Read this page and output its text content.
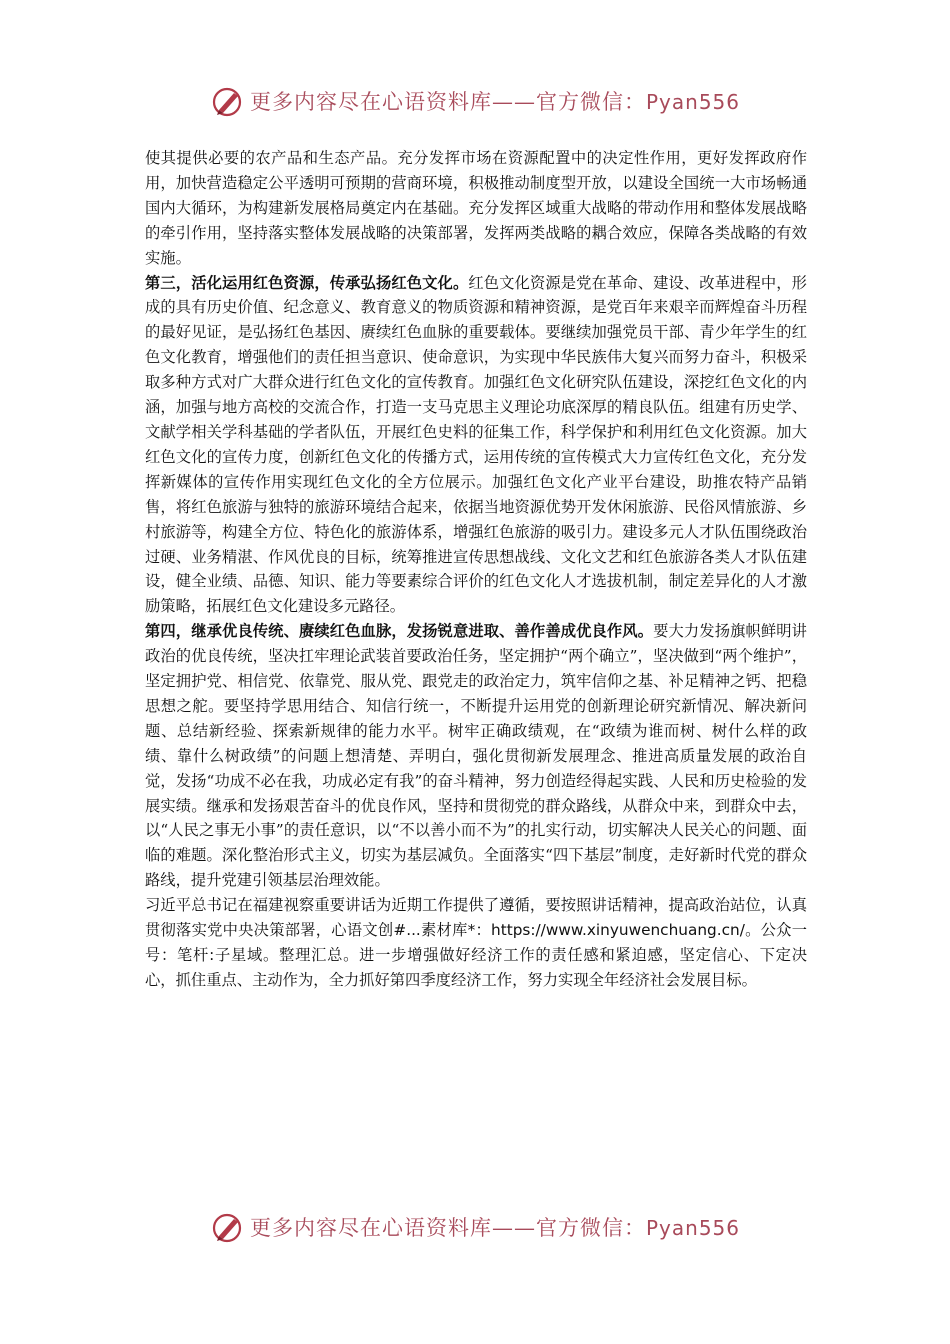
更多内容尽在心语资料库——官方微信：Pyan556

使其提供必要的农产品和生态产品。充分发挥市场在资源配置中的决定性作用，更好发挥政府作用，加快营造稳定公平透明可预期的营商环境，积极推动制度型开放，以建设全国统一大市场畅通国内大循环，为构建新发展格局奠定内在基础。充分发挥区域重大战略的带动作用和整体发展战略的牵引作用，坚持落实整体发展战略的决策部署，发挥两类战略的耦合效应，保障各类战略的有效实施。

第三，活化运用红色资源，传承弘扬红色文化。红色文化资源是党在革命、建设、改革进程中，形成的具有历史价值、纪念意义、教育意义的物质资源和精神资源，是党百年来艰辛而辉煌奋斗历程的最好见证，是弘扬红色基因、赓续红色血脉的重要载体。要继续加强党员干部、青少年学生的红色文化教育，增强他们的责任担当意识、使命意识，为实现中华民族伟大复兴而努力奋斗，积极采取多种方式对广大群众进行红色文化的宣传教育。加强红色文化研究队伍建设，深挖红色文化的内涵，加强与地方高校的交流合作，打造一支马克思主义理论功底深厚的精良队伍。组建有历史学、文献学相关学科基础的学者队伍，开展红色史料的征集工作，科学保护和利用红色文化资源。加大红色文化的宣传力度，创新红色文化的传播方式，运用传统的宣传模式大力宣传红色文化，充分发挥新媒体的宣传作用实现红色文化的全方位展示。加强红色文化产业平台建设，助推农特产品销售，将红色旅游与独特的旅游环境结合起来，依据当地资源优势开发休闲旅游、民俗风情旅游、乡村旅游等，构建全方位、特色化的旅游体系，增强红色旅游的吸引力。建设多元人才队伍围绕政治过硬、业务精湛、作风优良的目标，统筹推进宣传思想战线、文化文艺和红色旅游各类人才队伍建设，健全业绩、品德、知识、能力等要素综合评价的红色文化人才选拔机制，制定差异化的人才激励策略，拓展红色文化建设多元路径。

第四，继承优良传统、赓续红色血脉，发扬锐意进取、善作善成优良作风。要大力发扬旗帜鲜明讲政治的优良传统，坚决扛牢理论武装首要政治任务，坚定拥护“两个确立”，坚决做到“两个维护”，坚定拥护党、相信党、依靠党、服从党、跟党走的政治定力，筑牢信仰之基、补足精神之钙、把稳思想之舵。要坚持学思用结合、知信行统一，不断提升运用党的创新理论研究新情况、解决新问题、总结新经验、探索新规律的能力水平。树牢正确政绩观，在“政绩为谁而树、树什么样的政绩、靠什么树政绩”的问题上想清楚、弄明白，强化贯彻新发展理念、推进高质量发展的政治自觉，发扬“功成不必在我，功成必定有我”的奋斗精神，努力创造经得起实践、人民和历史检验的发展实绩。继承和发扬艰苦奋斗的优良作风，坚持和贯彻党的群众路线，从群众中来，到群众中去，以“人民之事无小事”的责任意识，以“不以善小而不为”的扎实行动，切实解决人民关心的问题、面临的难题。深化整治形式主义，切实为基层减负。全面落实“四下基层”制度，走好新时代党的群众路线，提升党建引领基层治理效能。

习近平总书记在福建视察重要讲话为近期工作提供了遵循，要按照讲话精神，提高政治站位，认真贯彻落实党中央决策部署，心语文创#...素材库*：https://www.xinyuwenchuang.cn/。公众一号：笔杆:子星域。整理汇总。进一步增强做好经济工作的责任感和紧迫感，坚定信心、下定决心，抓住重点、主动作为，全力抓好第四季度经济工作，努力实现全年经济社会发展目标。

更多内容尽在心语资料库——官方微信：Pyan556
